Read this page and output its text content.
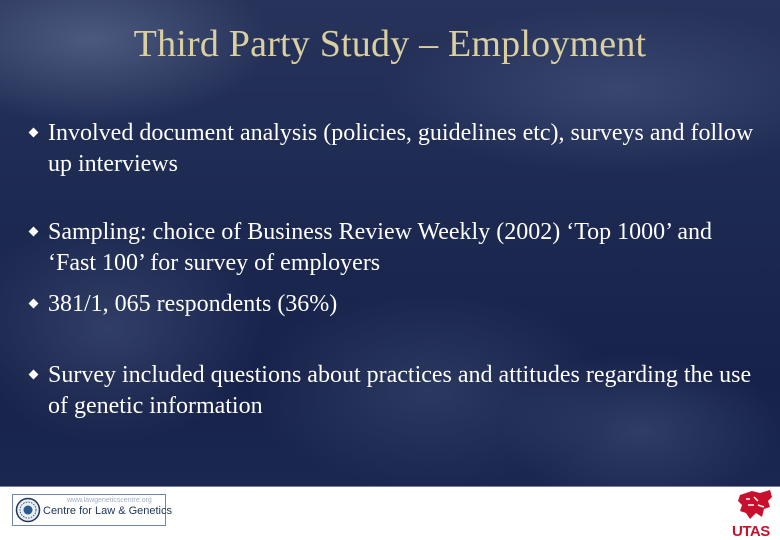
Third Party Study – Employment
Involved document analysis (policies, guidelines etc), surveys and follow up interviews
Sampling: choice of Business Review Weekly (2002) ‘Top 1000’ and ‘Fast 100’ for survey of employers
381/1, 065 respondents (36%)
Survey included questions about practices and attitudes regarding the use of genetic information
www.lawgeneticscentre.org
Centre for Law & Genetics
UTAS
